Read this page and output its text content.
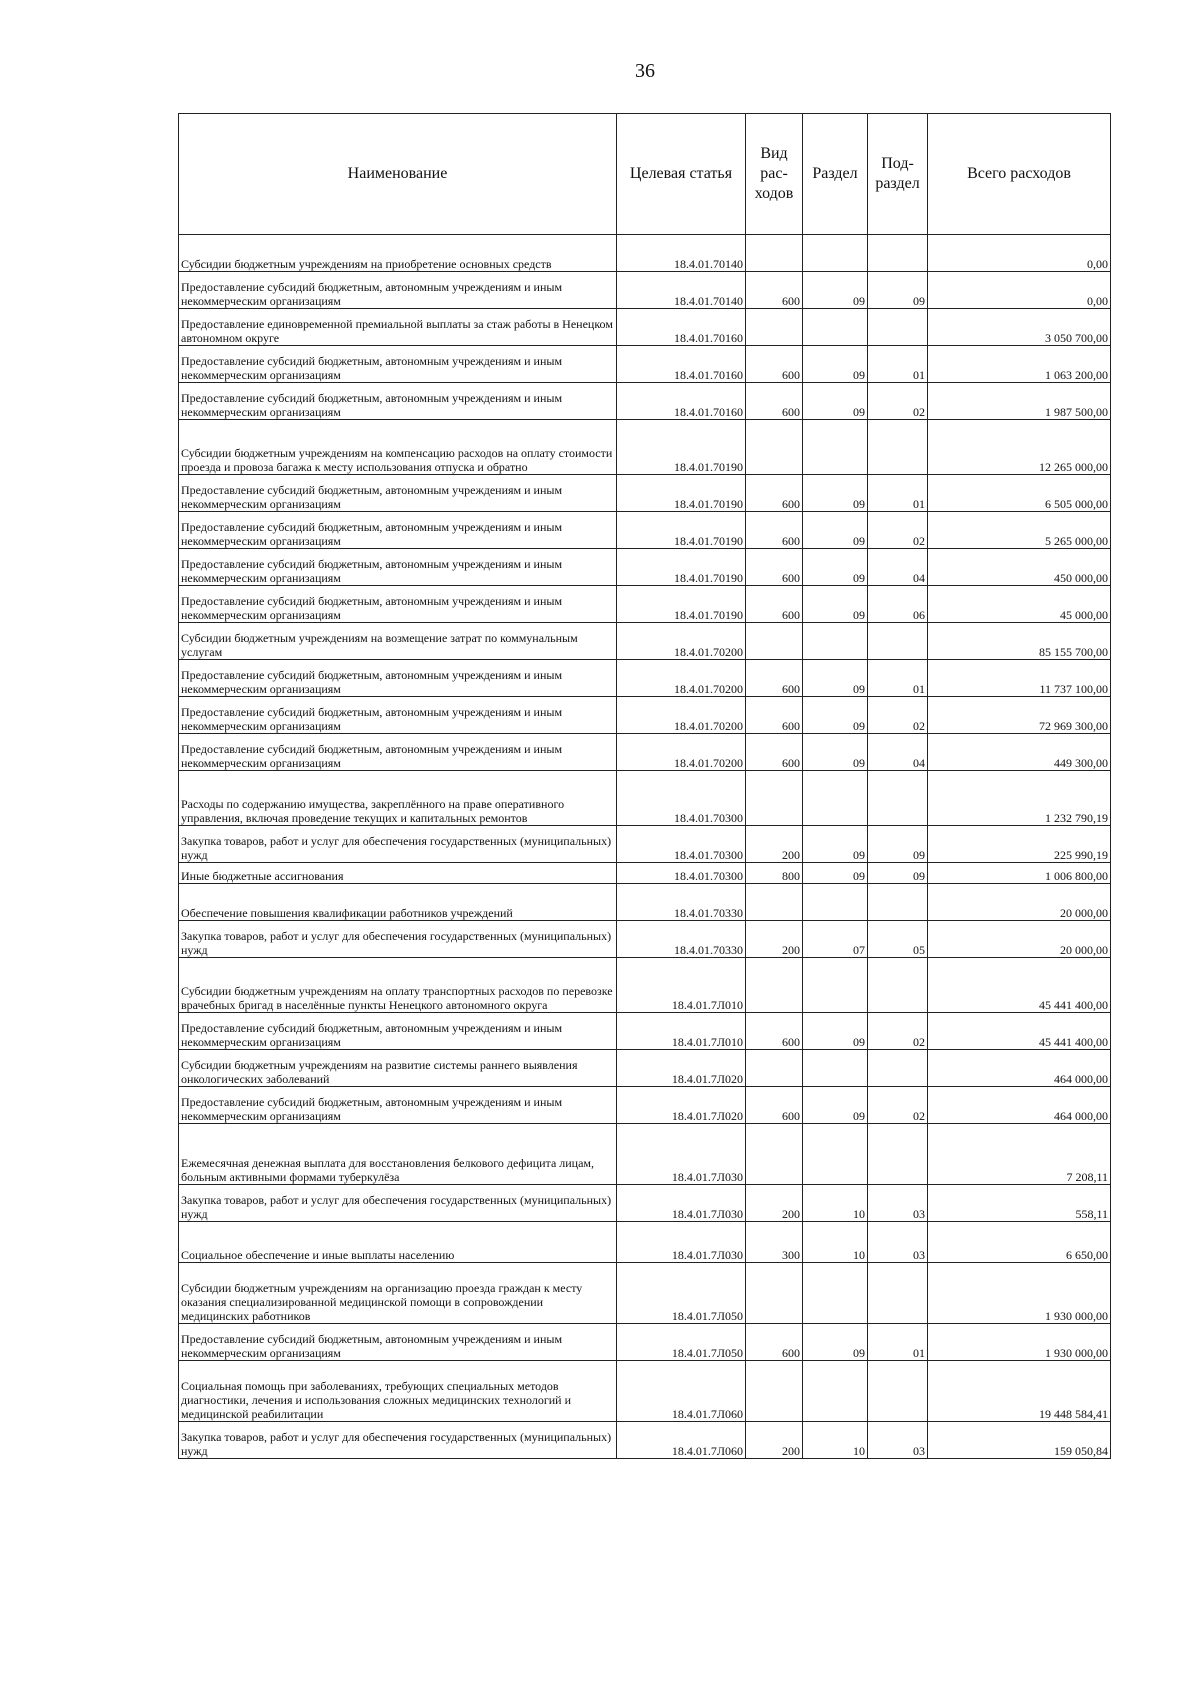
36
Наименование	Целевая статья	Вид рас- ходов	Раздел	Под- раздел	Всего расходов
Субсидии бюджетным учреждениям на приобретение основных средств	18.4.01.70140				0,00
Предоставление субсидий бюджетным, автономным учреждениям и иным некоммерческим организациям	18.4.01.70140	600	09	09	0,00
Предоставление единовременной премиальной выплаты за стаж работы в Ненецком автономном округе	18.4.01.70160				3 050 700,00
Предоставление субсидий бюджетным, автономным учреждениям и иным некоммерческим организациям	18.4.01.70160	600	09	01	1 063 200,00
Предоставление субсидий бюджетным, автономным учреждениям и иным некоммерческим организациям	18.4.01.70160	600	09	02	1 987 500,00
Субсидии бюджетным учреждениям на компенсацию расходов на оплату стоимости проезда и провоза багажа к месту использования отпуска и обратно	18.4.01.70190				12 265 000,00
Предоставление субсидий бюджетным, автономным учреждениям и иным некоммерческим организациям	18.4.01.70190	600	09	01	6 505 000,00
Предоставление субсидий бюджетным, автономным учреждениям и иным некоммерческим организациям	18.4.01.70190	600	09	02	5 265 000,00
Предоставление субсидий бюджетным, автономным учреждениям и иным некоммерческим организациям	18.4.01.70190	600	09	04	450 000,00
Предоставление субсидий бюджетным, автономным учреждениям и иным некоммерческим организациям	18.4.01.70190	600	09	06	45 000,00
Субсидии бюджетным учреждениям на возмещение затрат по коммунальным услугам	18.4.01.70200				85 155 700,00
Предоставление субсидий бюджетным, автономным учреждениям и иным некоммерческим организациям	18.4.01.70200	600	09	01	11 737 100,00
Предоставление субсидий бюджетным, автономным учреждениям и иным некоммерческим организациям	18.4.01.70200	600	09	02	72 969 300,00
Предоставление субсидий бюджетным, автономным учреждениям и иным некоммерческим организациям	18.4.01.70200	600	09	04	449 300,00
Расходы по содержанию имущества, закреплённого на праве оперативного управления, включая проведение текущих и капитальных ремонтов	18.4.01.70300				1 232 790,19
Закупка товаров, работ и услуг для обеспечения государственных (муниципальных) нужд	18.4.01.70300	200	09	09	225 990,19
Иные бюджетные ассигнования	18.4.01.70300	800	09	09	1 006 800,00
Обеспечение повышения квалификации работников учреждений	18.4.01.70330				20 000,00
Закупка товаров, работ и услуг для обеспечения государственных (муниципальных) нужд	18.4.01.70330	200	07	05	20 000,00
Субсидии бюджетным учреждениям на оплату транспортных расходов по перевозке врачебных бригад в населённые пункты Ненецкого автономного округа	18.4.01.7Л010				45 441 400,00
Предоставление субсидий бюджетным, автономным учреждениям и иным некоммерческим организациям	18.4.01.7Л010	600	09	02	45 441 400,00
Субсидии бюджетным учреждениям на развитие системы раннего выявления онкологических заболеваний	18.4.01.7Л020				464 000,00
Предоставление субсидий бюджетным, автономным учреждениям и иным некоммерческим организациям	18.4.01.7Л020	600	09	02	464 000,00
Ежемесячная денежная выплата для восстановления белкового дефицита лицам, больным активными формами туберкулёза	18.4.01.7Л030				7 208,11
Закупка товаров, работ и услуг для обеспечения государственных (муниципальных) нужд	18.4.01.7Л030	200	10	03	558,11
Социальное обеспечение и иные выплаты населению	18.4.01.7Л030	300	10	03	6 650,00
Субсидии бюджетным учреждениям на организацию проезда граждан к месту оказания специализированной медицинской помощи в сопровождении медицинских работников	18.4.01.7Л050				1 930 000,00
Предоставление субсидий бюджетным, автономным учреждениям и иным некоммерческим организациям	18.4.01.7Л050	600	09	01	1 930 000,00
Социальная помощь при заболеваниях, требующих специальных методов диагностики, лечения и использования сложных медицинских технологий и медицинской реабилитации	18.4.01.7Л060				19 448 584,41
Закупка товаров, работ и услуг для обеспечения государственных (муниципальных) нужд	18.4.01.7Л060	200	10	03	159 050,84
